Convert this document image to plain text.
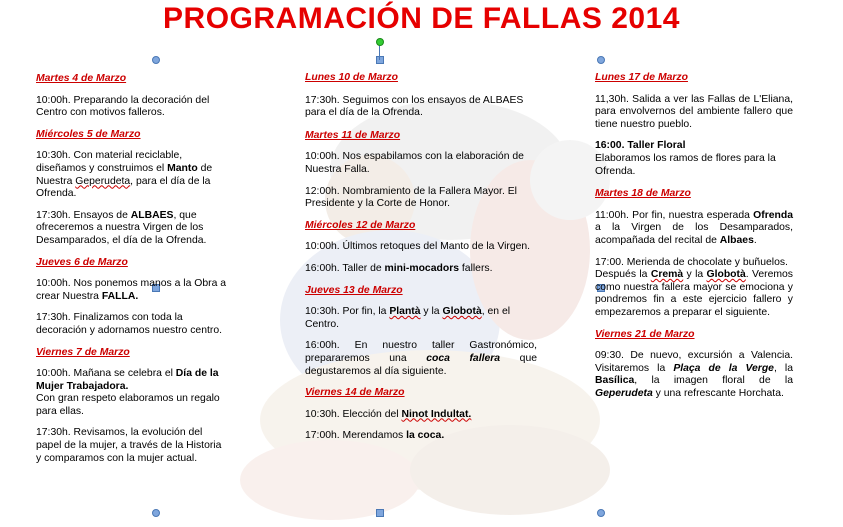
PROGRAMACIÓN DE FALLAS 2014

Martes 4 de Marzo

10:00h. Preparando la decoración del Centro con motivos falleros.

Miércoles 5 de Marzo

10:30h. Con material reciclable, diseñamos y construimos el Manto de Nuestra Geperudeta, para el día de la Ofrenda.

17:30h. Ensayos de ALBAES, que ofreceremos a nuestra Virgen de los Desamparados, el día de la Ofrenda.

Jueves 6 de Marzo

10:00h. Nos ponemos manos a la Obra a crear Nuestra FALLA.

17:30h. Finalizamos con toda la decoración y adornamos nuestro centro.

Viernes 7 de Marzo

10:00h. Mañana se celebra el Día de la Mujer Trabajadora.
Con gran respeto elaboramos un regalo para ellas.

17:30h. Revisamos, la evolución del papel de la mujer, a través de la Historia y comparamos con la mujer actual.

Lunes 10 de Marzo

17:30h. Seguimos con los ensayos de ALBAES para el día de la Ofrenda.

Martes 11 de Marzo

10:00h. Nos espabilamos con la elaboración de Nuestra Falla.

12:00h. Nombramiento de la Fallera Mayor. El Presidente y la Corte de Honor.

Miércoles 12 de Marzo

10:00h. Últimos retoques del Manto de la Virgen.

16:00h. Taller de mini-mocadors fallers.

Jueves 13 de Marzo

10:30h. Por fin, la Plantà y la Globotà, en el Centro.

16:00h. En nuestro taller Gastronómico, prepararemos una coca fallera que degustaremos al día siguiente.

Viernes 14 de Marzo

10:30h. Elección del Ninot Indultat.

17:00h. Merendamos la coca.

Lunes 17 de Marzo

11,30h. Salida a ver las Fallas de L'Eliana, para envolvernos del ambiente fallero que tiene nuestro pueblo.

16:00. Taller Floral
Elaboramos los ramos de flores para la Ofrenda.

Martes 18 de Marzo

11:00h. Por fin, nuestra esperada Ofrenda a la Virgen de los Desamparados, acompañada del recital de Albaes.

17:00. Merienda de chocolate y buñuelos.
Después la Cremà y la Globotà. Veremos como nuestra fallera mayor se emociona y pondremos fin a este ejercicio fallero y empezaremos a preparar el siguiente.

Viernes 21 de Marzo

09:30. De nuevo, excursión a Valencia. Visitaremos la Plaça de la Verge, la Basílica, la imagen floral de la Geperudeta y una refrescante Horchata.
